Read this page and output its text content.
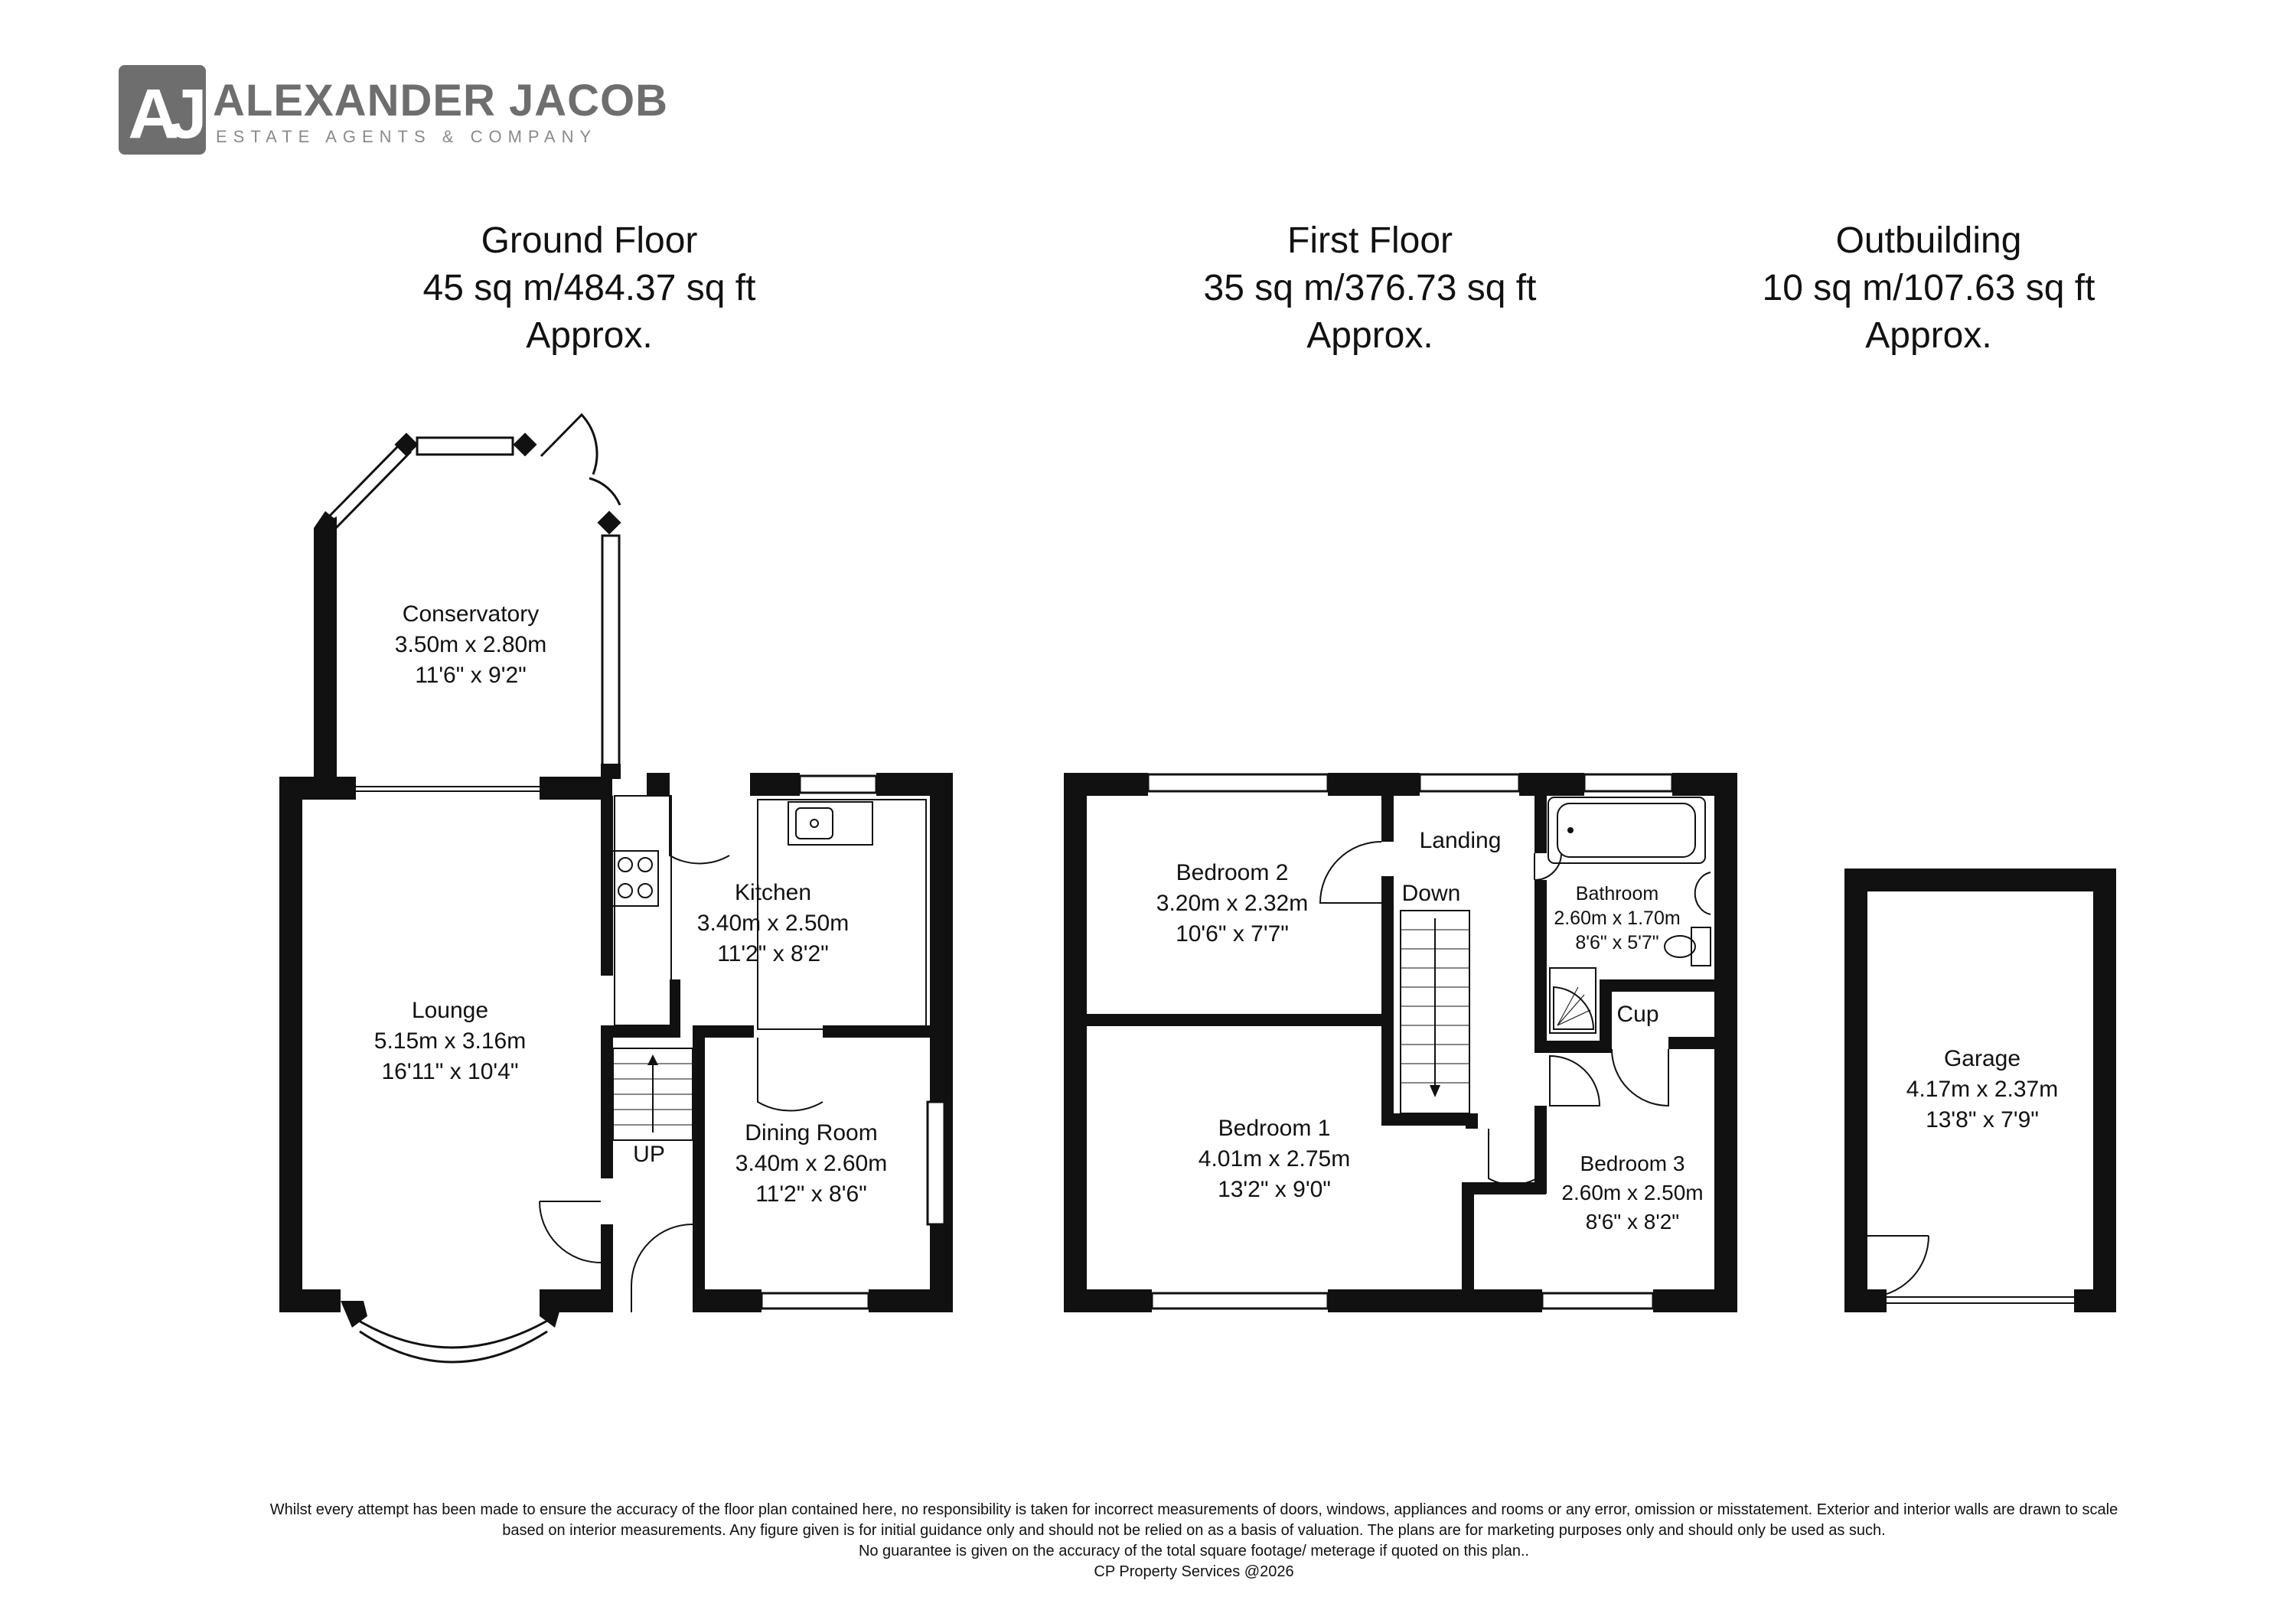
AJ ALEXANDER JACOB
ESTATE AGENTS & COMPANY
Ground Floor
45 sq m/484.37 sq ft
Approx.
First Floor
35 sq m/376.73 sq ft
Approx.
Outbuilding
10 sq m/107.63 sq ft
Approx.
Conservatory
3.50m x 2.80m
11'6" x 9'2"
Lounge
5.15m x 3.16m
16'11" x 10'4"
Kitchen
3.40m x 2.50m
11'2" x 8'2"
Dining Room
3.40m x 2.60m
11'2" x 8'6"
UP
Bedroom 2
3.20m x 2.32m
10'6" x 7'7"
Landing
Down
Bedroom 1
4.01m x 2.75m
13'2" x 9'0"
Cup
Garage
4.17m x 2.37m
13'8" x 7'9"
Bathroom
2.60m x 1.70m
8'6" x 5'7"
Bedroom 3
2.60m x 2.50m
8'6" x 8'2"
Whilst every attempt has been made to ensure the accuracy of the floor plan contained here, no responsibility is taken for incorrect measurements of doors, windows, appliances and rooms or any error, omission or misstatement. Exterior and interior walls are drawn to scale
based on interior measurements. Any figure given is for initial guidance only and should not be relied on as a basis of valuation. The plans are for marketing purposes only and should only be used as such.
No guarantee is given on the accuracy of the total square footage/ meterage if quoted on this plan..
CP Property Services @2026
